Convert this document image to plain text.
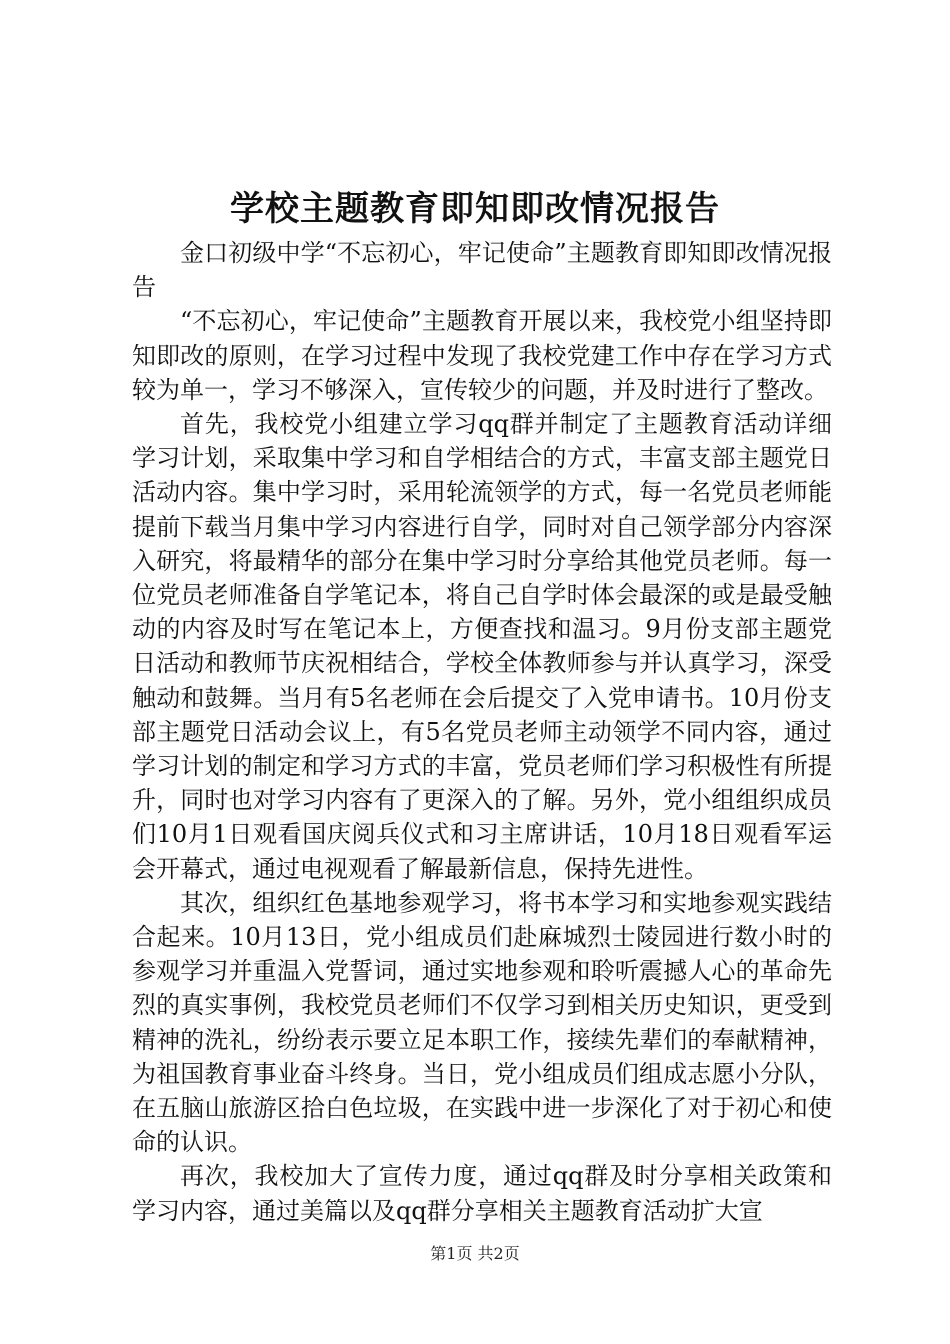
学校主题教育即知即改情况报告

金口初级中学“不忘初心，牢记使命”主题教育即知即改情况报告

“不忘初心，牢记使命”主题教育开展以来，我校党小组坚持即知即改的原则，在学习过程中发现了我校党建工作中存在学习方式较为单一，学习不够深入，宣传较少的问题，并及时进行了整改。

首先，我校党小组建立学习qq群并制定了主题教育活动详细学习计划，采取集中学习和自学相结合的方式，丰富支部主题党日活动内容。集中学习时，采用轮流领学的方式，每一名党员老师能提前下载当月集中学习内容进行自学，同时对自己领学部分内容深入研究，将最精华的部分在集中学习时分享给其他党员老师。每一位党员老师准备自学笔记本，将自己自学时体会最深的或是最受触动的内容及时写在笔记本上，方便查找和温习。9月份支部主题党日活动和教师节庆祝相结合，学校全体教师参与并认真学习，深受触动和鼓舞。当月有5名老师在会后提交了入党申请书。10月份支部主题党日活动会议上，有5名党员老师主动领学不同内容，通过学习计划的制定和学习方式的丰富，党员老师们学习积极性有所提升，同时也对学习内容有了更深入的了解。另外，党小组组织成员们10月1日观看国庆阅兵仪式和习主席讲话，10月18日观看军运会开幕式，通过电视观看了解最新信息，保持先进性。

其次，组织红色基地参观学习，将书本学习和实地参观实践结合起来。10月13日，党小组成员们赴麻城烈士陵园进行数小时的参观学习并重温入党誓词，通过实地参观和聆听震撼人心的革命先烈的真实事例，我校党员老师们不仅学习到相关历史知识，更受到精神的洗礼，纷纷表示要立足本职工作，接续先辈们的奉献精神，为祖国教育事业奋斗终身。当日，党小组成员们组成志愿小分队，在五脑山旅游区拾白色垃圾，在实践中进一步深化了对于初心和使命的认识。

再次，我校加大了宣传力度，通过qq群及时分享相关政策和学习内容，通过美篇以及qq群分享相关主题教育活动扩大宣

第1页 共2页
